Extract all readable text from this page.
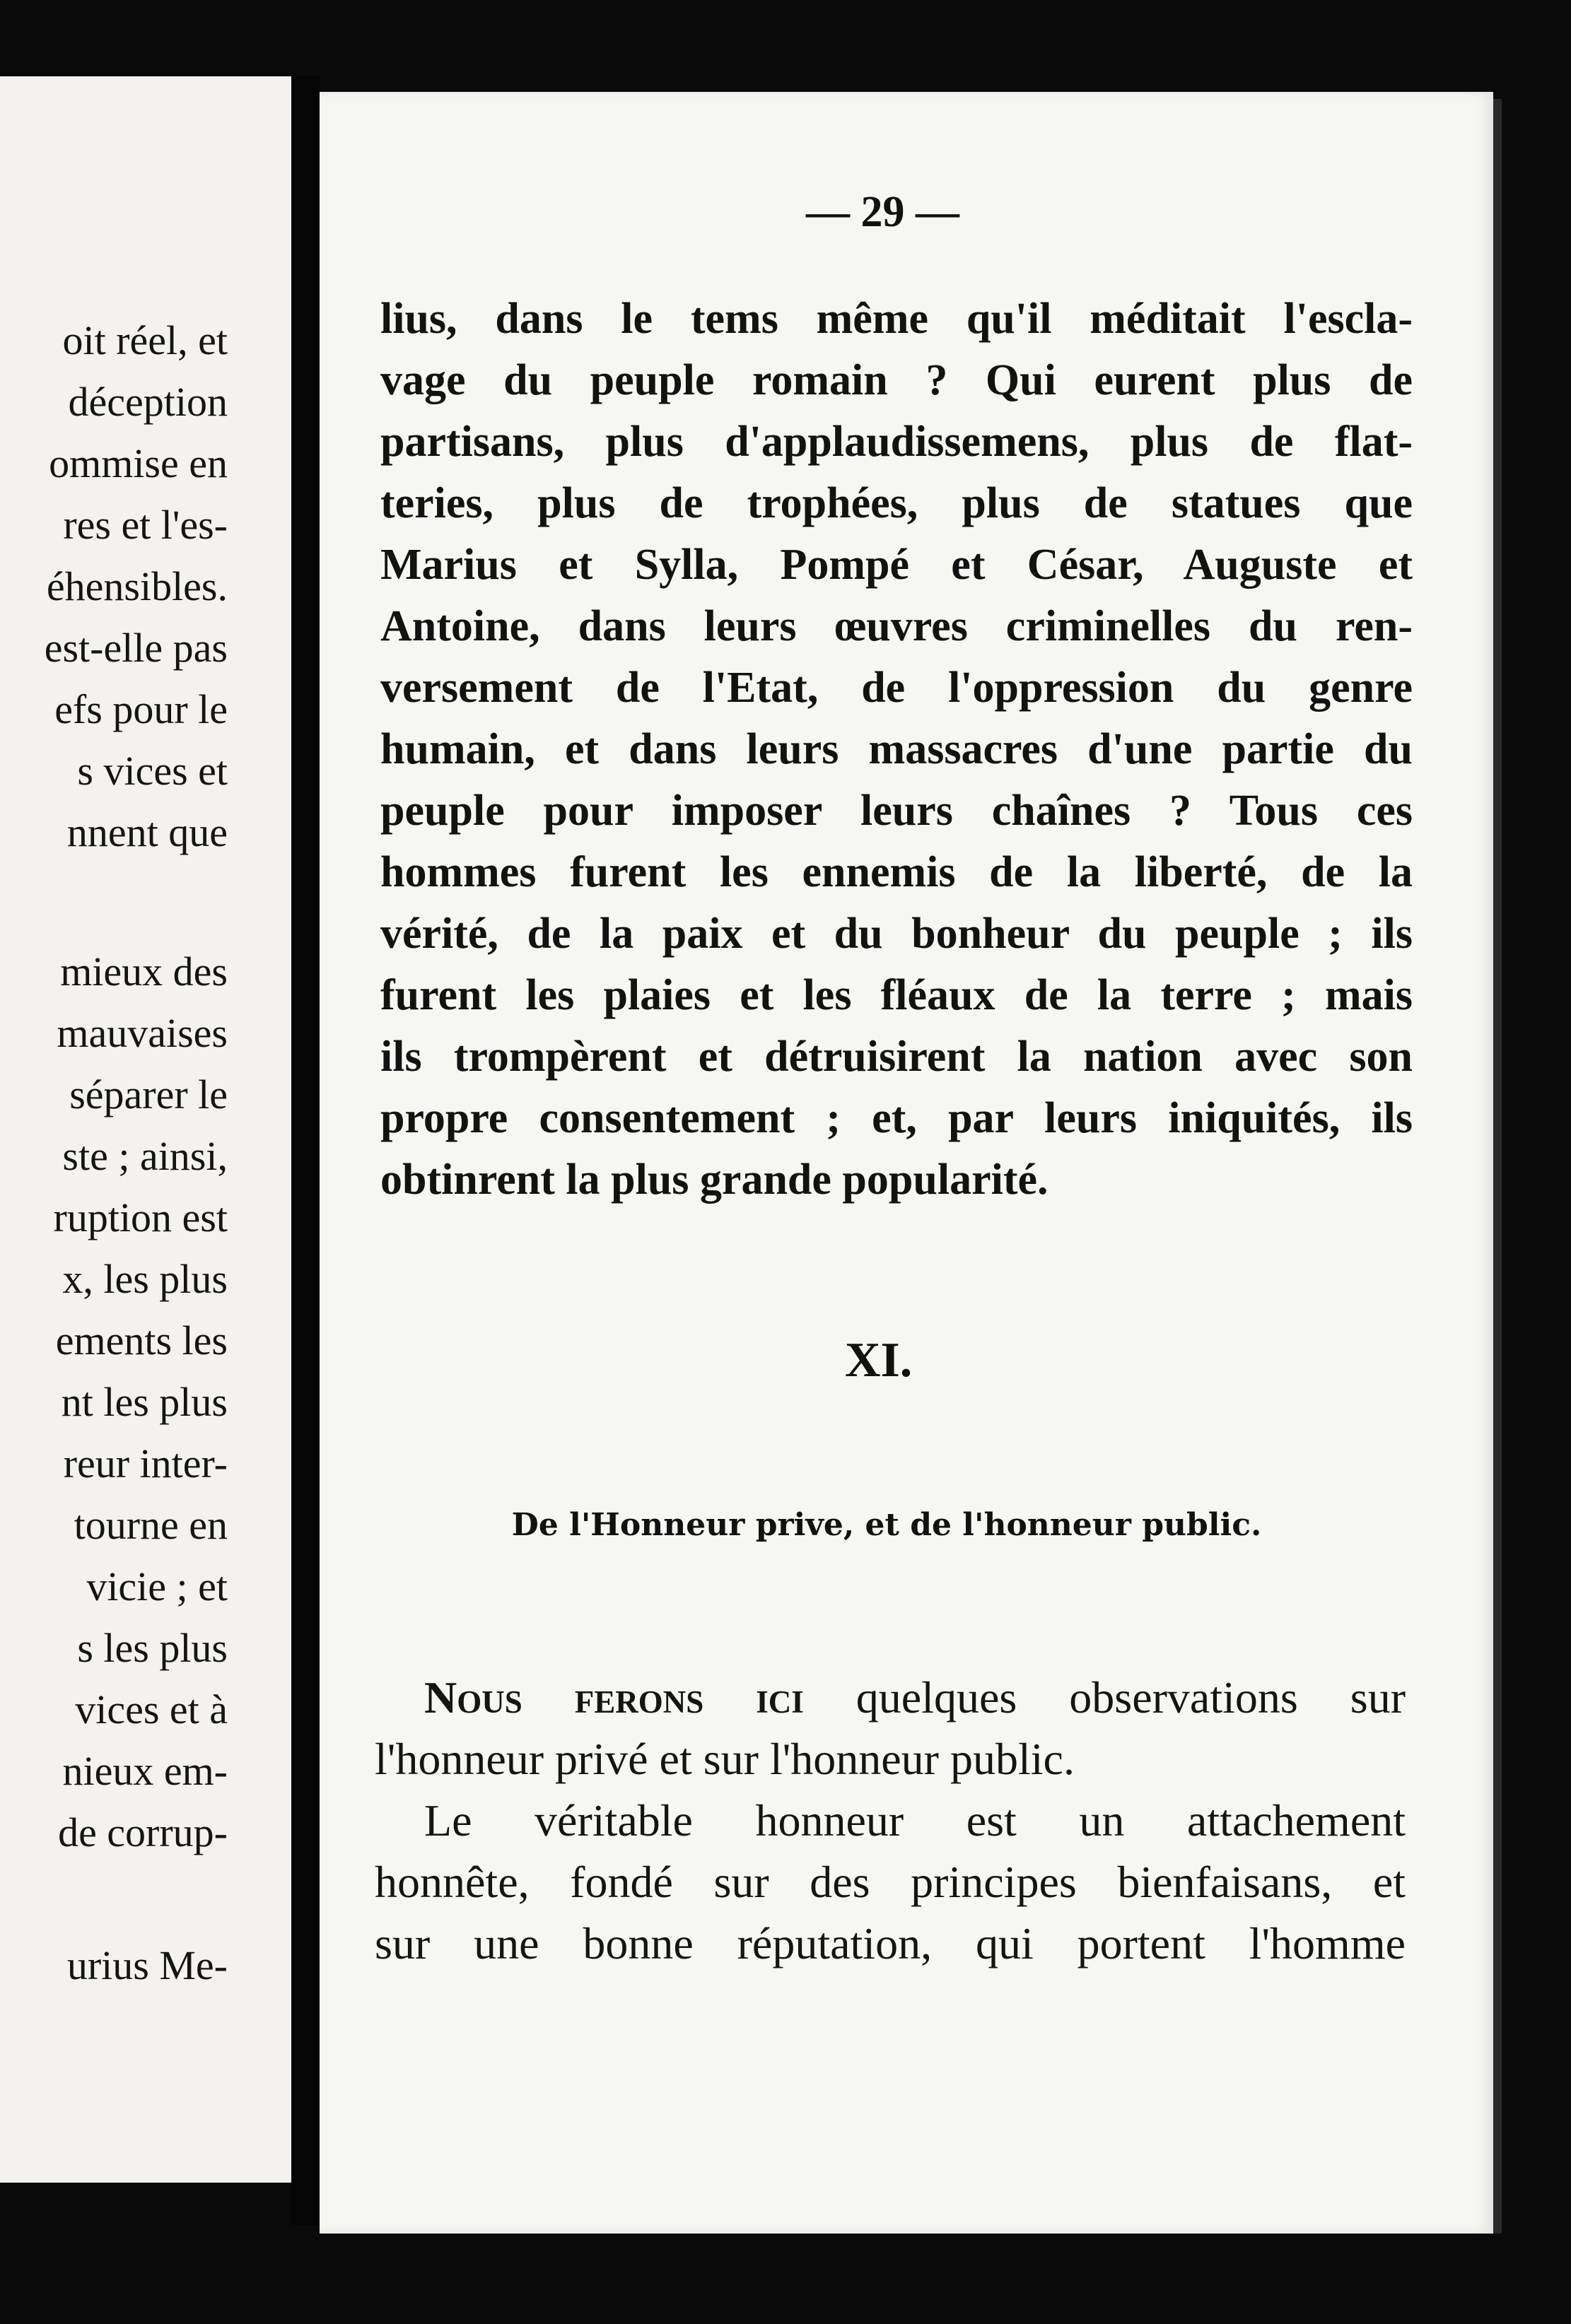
oit réel, et
déception
ommise en
res et l'es-
éhensibles.
est-elle pas
efs pour le
s vices et
nnent que
mieux des
mauvaises
séparer le
ste ; ainsi,
ruption est
x, les plus
ements les
nt les plus
reur inter-
tourne en
vicie ; et
s les plus
vices et à
nieux em-
de corrup-
urius Me-
— 29 —
lius, dans le tems même qu'il méditait l'escla-
vage du peuple romain ? Qui eurent plus de
partisans, plus d'applaudissemens, plus de flat-
teries, plus de trophées, plus de statues que
Marius et Sylla, Pompé et César, Auguste et
Antoine, dans leurs œuvres criminelles du ren-
versement de l'Etat, de l'oppression du genre
humain, et dans leurs massacres d'une partie du
peuple pour imposer leurs chaînes ? Tous ces
hommes furent les ennemis de la liberté, de la
vérité, de la paix et du bonheur du peuple ; ils
furent les plaies et les fléaux de la terre ; mais
ils trompèrent et détruisirent la nation avec son
propre consentement ; et, par leurs iniquités, ils
obtinrent la plus grande popularité.
XI.
De l'Honneur prive, et de l'honneur public.
Nous ferons ici quelques observations sur
l'honneur privé et sur l'honneur public.
Le véritable honneur est un attachement
honnête, fondé sur des principes bienfaisans, et
sur une bonne réputation, qui portent l'homme
